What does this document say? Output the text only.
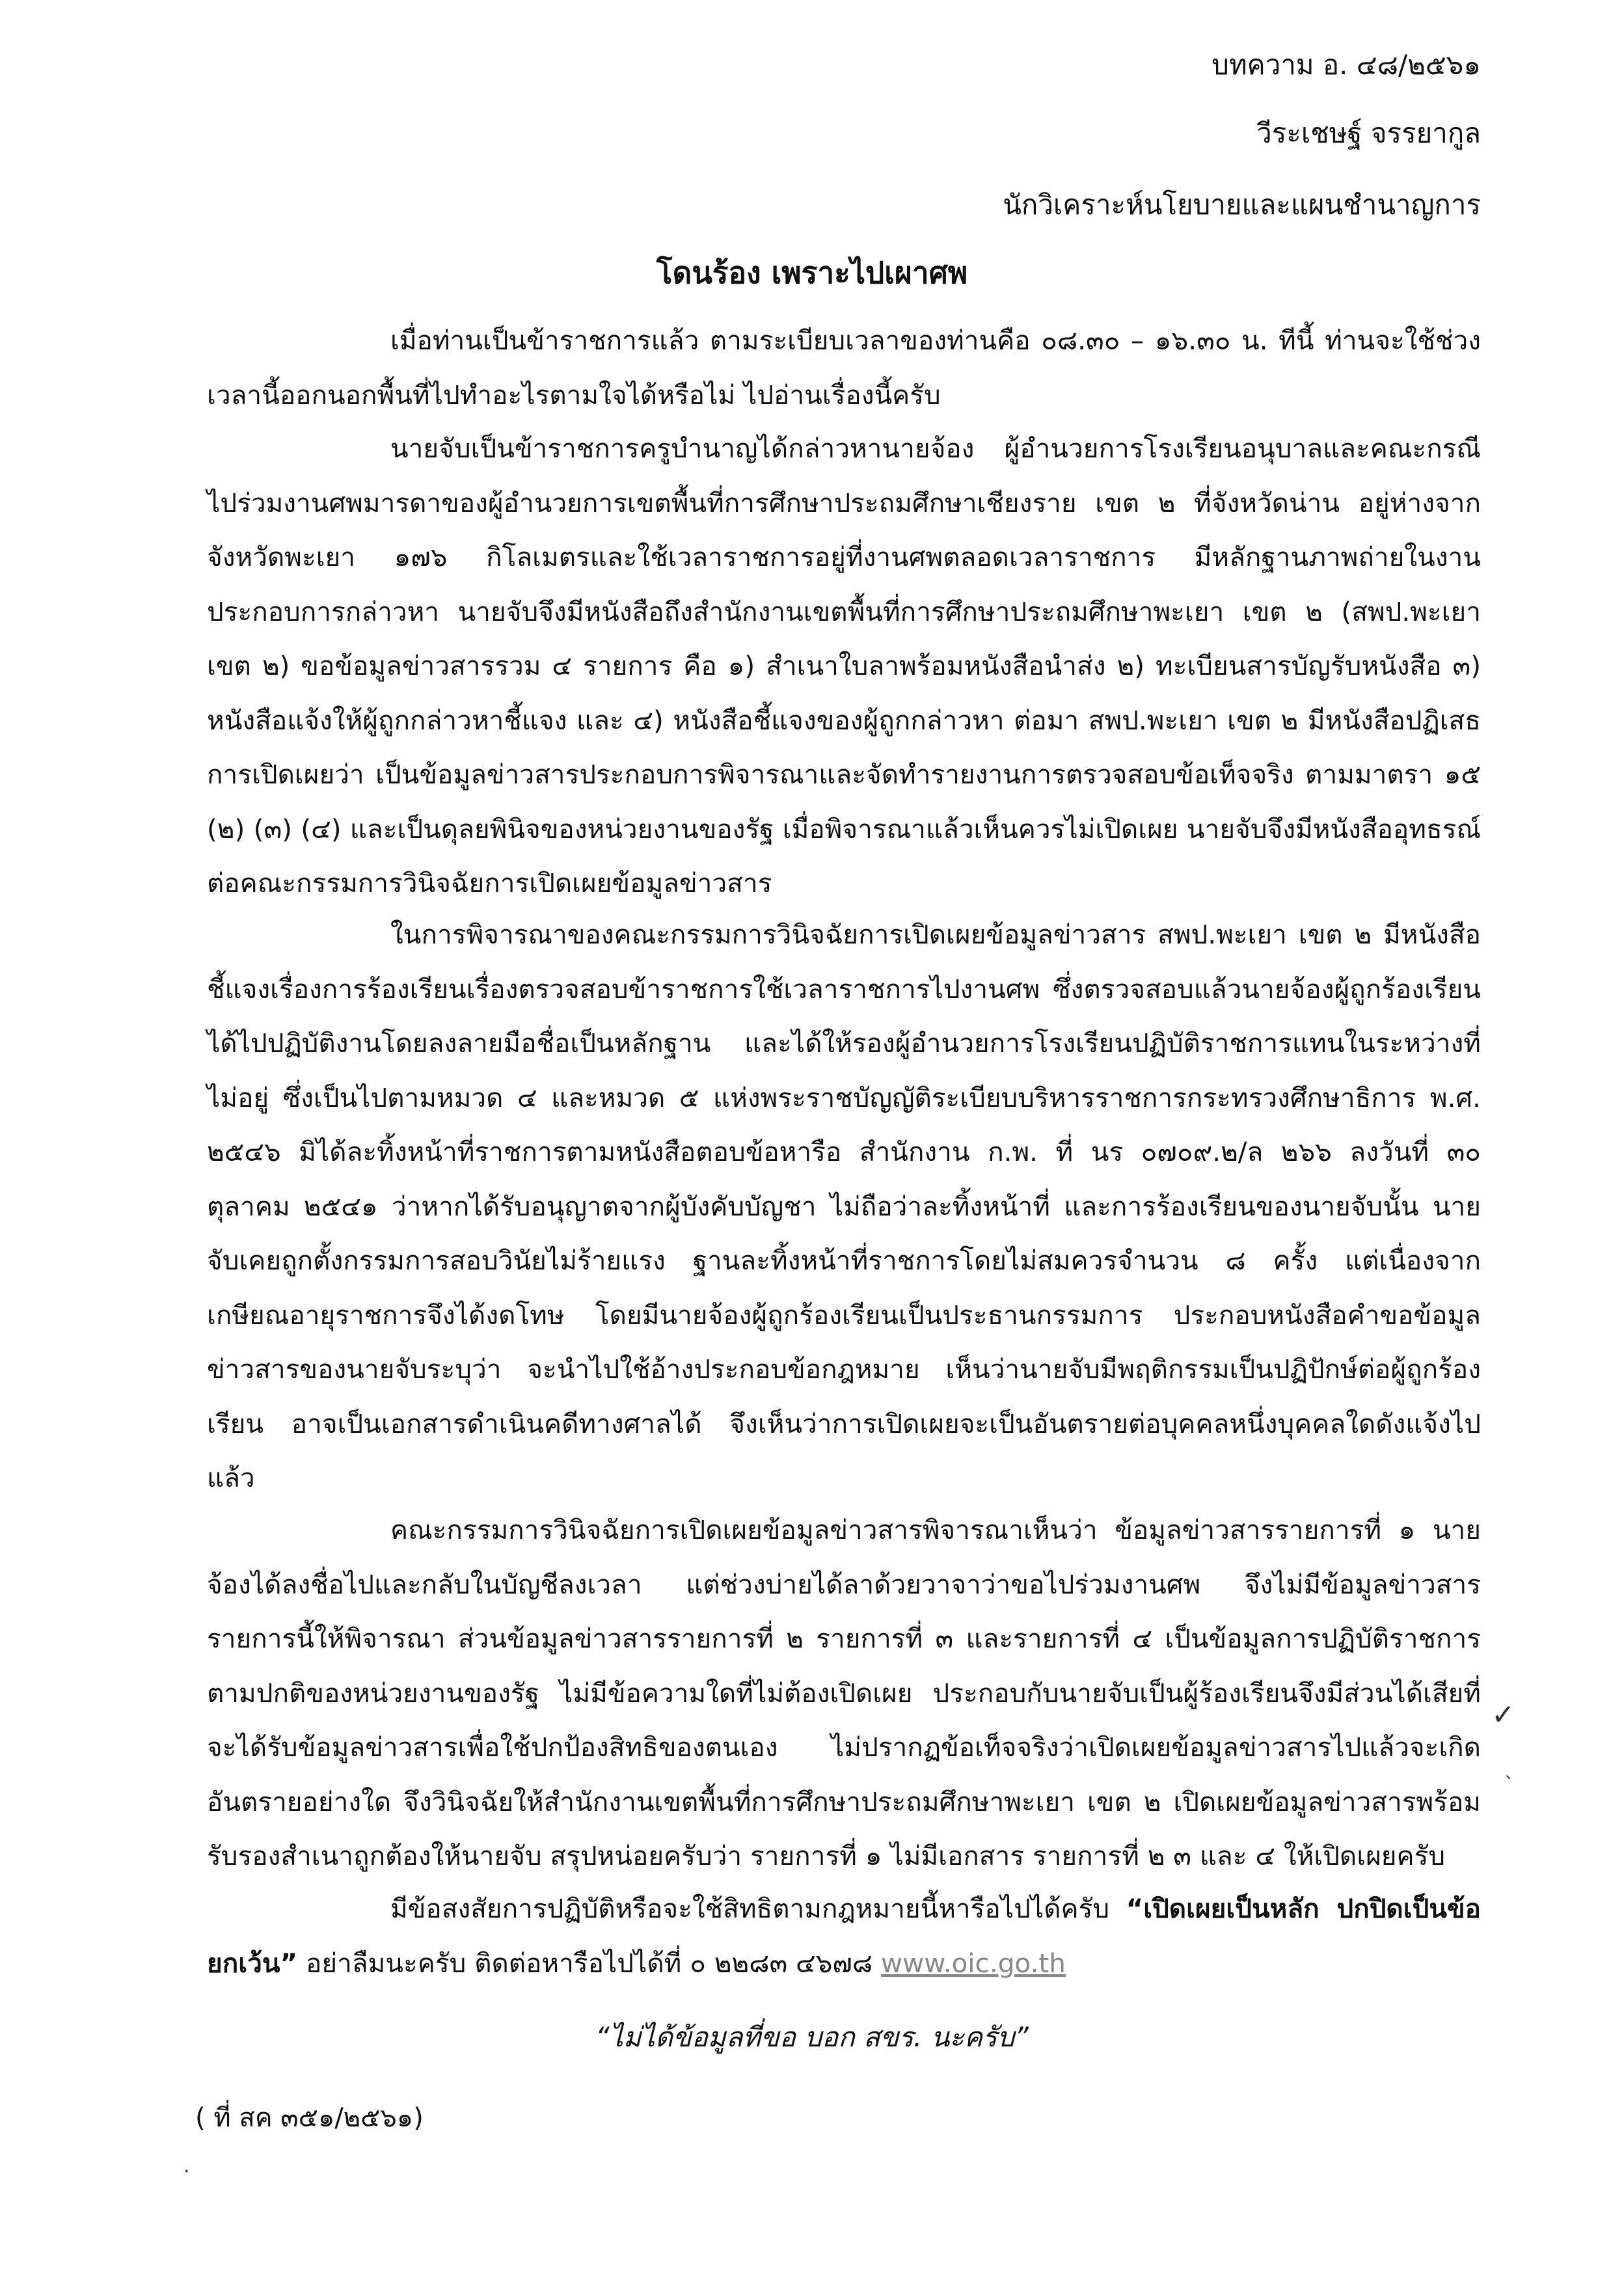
บทความ อ. ๔๘/๒๕๖๑
วีระเชษฐ์ จรรยากูล
นักวิเคราะห์นโยบายและแผนชำนาญการ
โดนร้อง เพราะไปเผาศพ

เมื่อท่านเป็นข้าราชการแล้ว ตามระเบียบเวลาของท่านคือ ๐๘.๓๐ – ๑๖.๓๐ น. ทีนี้ ท่านจะใช้ช่วงเวลานี้ออกนอกพื้นที่ไปทำอะไรตามใจได้หรือไม่ ไปอ่านเรื่องนี้ครับ

นายจับเป็นข้าราชการครูบำนาญได้กล่าวหานายจ้อง ผู้อำนวยการโรงเรียนอนุบาลและคณะกรณีไปร่วมงานศพมารดาของผู้อำนวยการเขตพื้นที่การศึกษาประถมศึกษาเชียงราย เขต ๒ ที่จังหวัดน่าน อยู่ห่างจากจังหวัดพะเยา ๑๗๖ กิโลเมตรและใช้เวลาราชการอยู่ที่งานศพตลอดเวลาราชการ มีหลักฐานภาพถ่ายในงานประกอบการกล่าวหา นายจับจึงมีหนังสือถึงสำนักงานเขตพื้นที่การศึกษาประถมศึกษาพะเยา เขต ๒ (สพป.พะเยา เขต ๒) ขอข้อมูลข่าวสารรวม ๔ รายการ คือ ๑) สำเนาใบลาพร้อมหนังสือนำส่ง ๒) ทะเบียนสารบัญรับหนังสือ ๓) หนังสือแจ้งให้ผู้ถูกกล่าวหาชี้แจง และ ๔) หนังสือชี้แจงของผู้ถูกกล่าวหา ต่อมา สพป.พะเยา เขต ๒ มีหนังสือปฏิเสธการเปิดเผยว่า เป็นข้อมูลข่าวสารประกอบการพิจารณาและจัดทำรายงานการตรวจสอบข้อเท็จจริง ตามมาตรา ๑๕ (๒) (๓) (๔) และเป็นดุลยพินิจของหน่วยงานของรัฐ เมื่อพิจารณาแล้วเห็นควรไม่เปิดเผย นายจับจึงมีหนังสืออุทธรณ์ต่อคณะกรรมการวินิจฉัยการเปิดเผยข้อมูลข่าวสาร

ในการพิจารณาของคณะกรรมการวินิจฉัยการเปิดเผยข้อมูลข่าวสาร สพป.พะเยา เขต ๒ มีหนังสือชี้แจงเรื่องการร้องเรียนเรื่องตรวจสอบข้าราชการใช้เวลาราชการไปงานศพ ซึ่งตรวจสอบแล้วนายจ้องผู้ถูกร้องเรียนได้ไปปฏิบัติงานโดยลงลายมือชื่อเป็นหลักฐาน และได้ให้รองผู้อำนวยการโรงเรียนปฏิบัติราชการแทนในระหว่างที่ไม่อยู่ ซึ่งเป็นไปตามหมวด ๔ และหมวด ๕ แห่งพระราชบัญญัติระเบียบบริหารราชการกระทรวงศึกษาธิการ พ.ศ. ๒๕๔๖ มิได้ละทิ้งหน้าที่ราชการตามหนังสือตอบข้อหารือ สำนักงาน ก.พ. ที่ นร ๐๗๐๙.๒/ล ๒๖๖ ลงวันที่ ๓๐ ตุลาคม ๒๕๔๑ ว่าหากได้รับอนุญาตจากผู้บังคับบัญชา ไม่ถือว่าละทิ้งหน้าที่ และการร้องเรียนของนายจับนั้น นายจับเคยถูกตั้งกรรมการสอบวินัยไม่ร้ายแรง ฐานละทิ้งหน้าที่ราชการโดยไม่สมควรจำนวน ๘ ครั้ง แต่เนื่องจากเกษียณอายุราชการจึงได้งดโทษ โดยมีนายจ้องผู้ถูกร้องเรียนเป็นประธานกรรมการ ประกอบหนังสือคำขอข้อมูลข่าวสารของนายจับระบุว่า จะนำไปใช้อ้างประกอบข้อกฎหมาย เห็นว่านายจับมีพฤติกรรมเป็นปฏิปักษ์ต่อผู้ถูกร้องเรียน อาจเป็นเอกสารดำเนินคดีทางศาลได้ จึงเห็นว่าการเปิดเผยจะเป็นอันตรายต่อบุคคลหนึ่งบุคคลใดดังแจ้งไปแล้ว

คณะกรรมการวินิจฉัยการเปิดเผยข้อมูลข่าวสารพิจารณาเห็นว่า ข้อมูลข่าวสารรายการที่ ๑ นายจ้องได้ลงชื่อไปและกลับในบัญชีลงเวลา แต่ช่วงบ่ายได้ลาด้วยวาจาว่าขอไปร่วมงานศพ จึงไม่มีข้อมูลข่าวสารรายการนี้ให้พิจารณา ส่วนข้อมูลข่าวสารรายการที่ ๒ รายการที่ ๓ และรายการที่ ๔ เป็นข้อมูลการปฏิบัติราชการตามปกติของหน่วยงานของรัฐ ไม่มีข้อความใดที่ไม่ต้องเปิดเผย ประกอบกับนายจับเป็นผู้ร้องเรียนจึงมีส่วนได้เสียที่จะได้รับข้อมูลข่าวสารเพื่อใช้ปกป้องสิทธิของตนเอง ไม่ปรากฏข้อเท็จจริงว่าเปิดเผยข้อมูลข่าวสารไปแล้วจะเกิดอันตรายอย่างใด จึงวินิจฉัยให้สำนักงานเขตพื้นที่การศึกษาประถมศึกษาพะเยา เขต ๒ เปิดเผยข้อมูลข่าวสารพร้อมรับรองสำเนาถูกต้องให้นายจับ สรุปหน่อยครับว่า รายการที่ ๑ ไม่มีเอกสาร รายการที่ ๒ ๓ และ ๔ ให้เปิดเผยครับ

มีข้อสงสัยการปฏิบัติหรือจะใช้สิทธิตามกฎหมายนี้หารือไปได้ครับ “เปิดเผยเป็นหลัก ปกปิดเป็นข้อยกเว้น” อย่าลืมนะครับ ติดต่อหารือไปได้ที่ ๐ ๒๒๘๓ ๔๖๗๘ www.oic.go.th

“ไม่ได้ข้อมูลที่ขอ บอก สขร. นะครับ”
( ที่ สค ๓๕๑/๒๕๖๑)
✓
ˎ
·
